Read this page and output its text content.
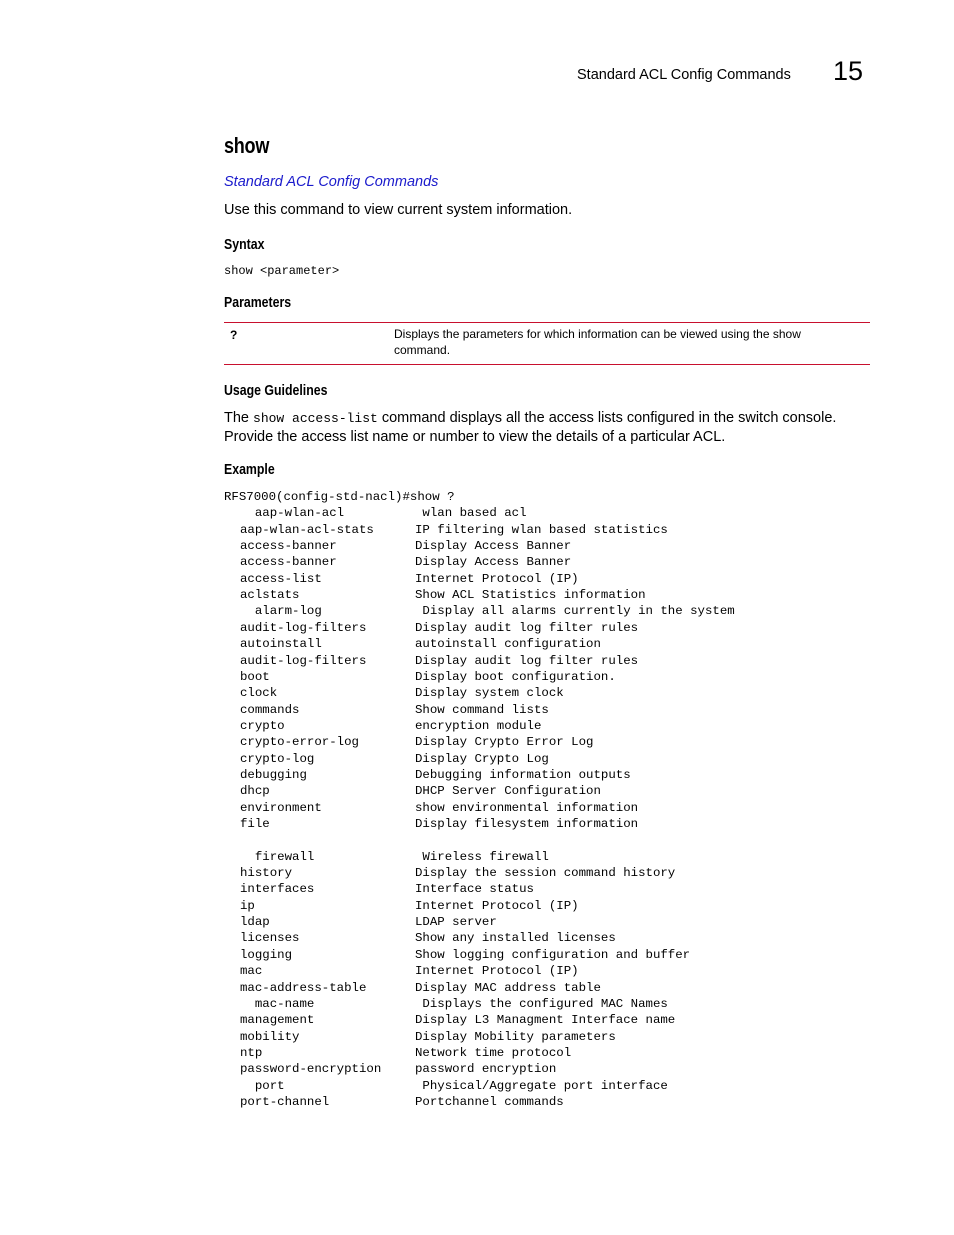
Standard ACL Config Commands 15
show
Standard ACL Config Commands
Use this command to view current system information.
Syntax
show <parameter>
Parameters
?	Displays the parameters for which information can be viewed using the show command.
Usage Guidelines
The show access-list command displays all the access lists configured in the switch console. Provide the access list name or number to view the details of a particular ACL.
Example
RFS7000(config-std-nacl)#show ?
aap-wlan-acl	wlan based acl
aap-wlan-acl-stats	IP filtering wlan based statistics
access-banner	Display Access Banner
access-banner	Display Access Banner
access-list	Internet Protocol (IP)
aclstats	Show ACL Statistics information
alarm-log	Display all alarms currently in the system
audit-log-filters	Display audit log filter rules
autoinstall	autoinstall configuration
audit-log-filters	Display audit log filter rules
boot	Display boot configuration.
clock	Display system clock
commands	Show command lists
crypto	encryption module
crypto-error-log	Display Crypto Error Log
crypto-log	Display Crypto Log
debugging	Debugging information outputs
dhcp	DHCP Server Configuration
environment	show environmental information
file	Display filesystem information
firewall	Wireless firewall
history	Display the session command history
interfaces	Interface status
ip	Internet Protocol (IP)
ldap	LDAP server
licenses	Show any installed licenses
logging	Show logging configuration and buffer
mac	Internet Protocol (IP)
mac-address-table	Display MAC address table
mac-name	Displays the configured MAC Names
management	Display L3 Managment Interface name
mobility	Display Mobility parameters
ntp	Network time protocol
password-encryption	password encryption
port	Physical/Aggregate port interface
port-channel	Portchannel commands
